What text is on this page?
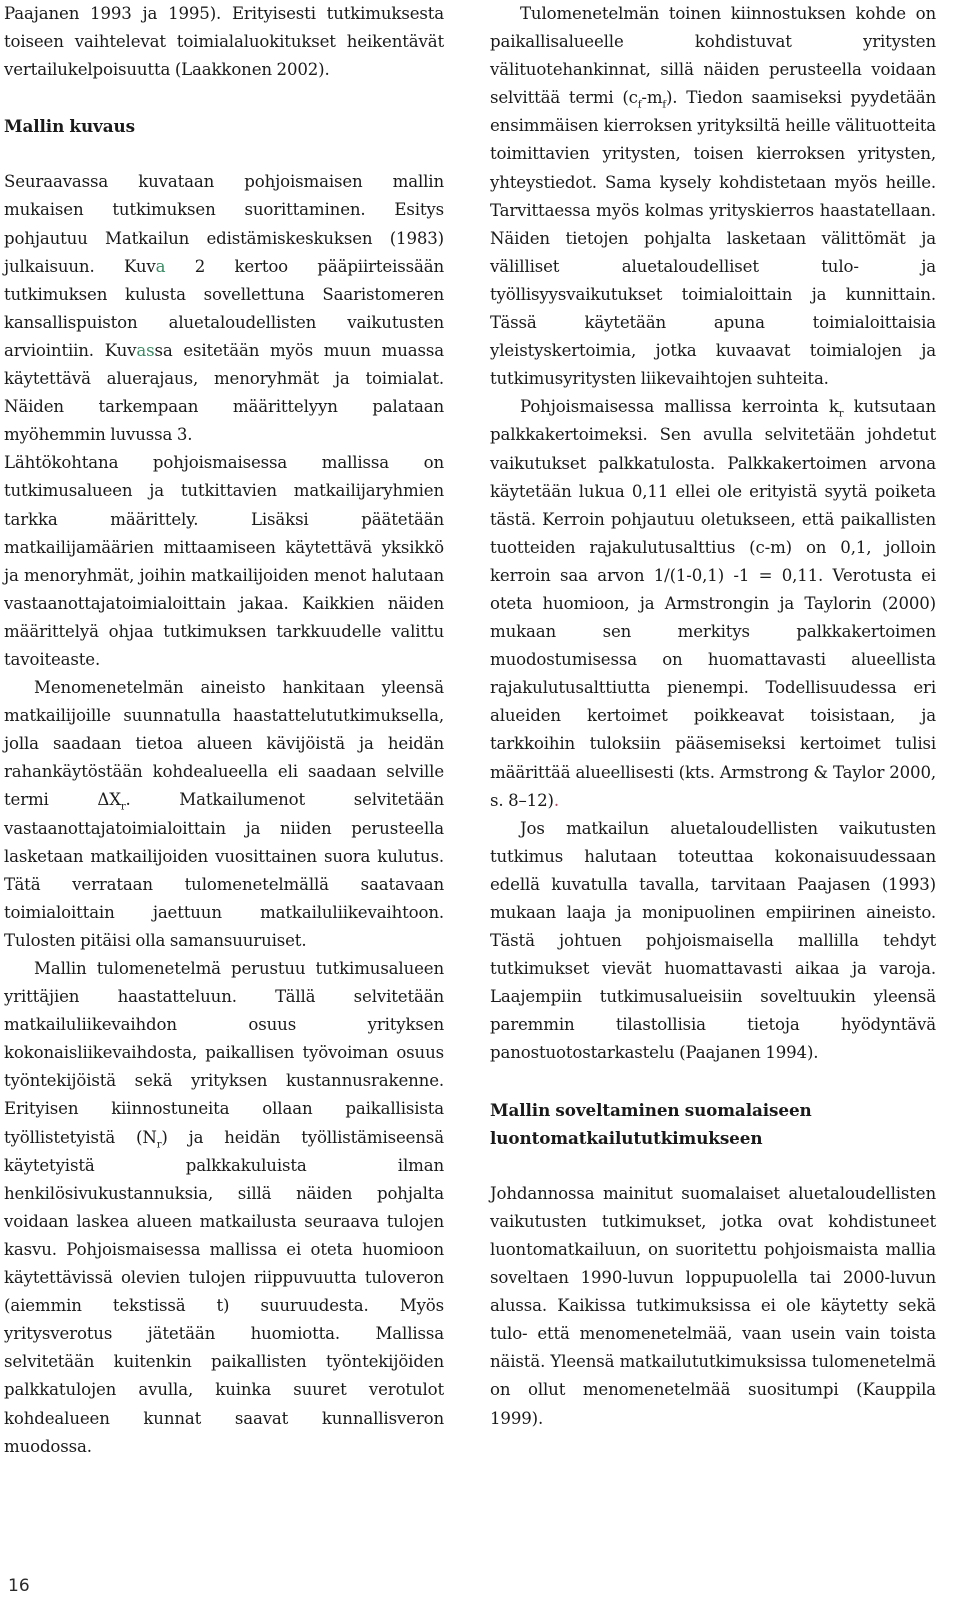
Paajanen 1993 ja 1995). Erityisesti tutkimuksesta toiseen vaihtelevat toimialaluokitukset heikentävät vertailukelpoisuutta (Laakkonen 2002).

Mallin kuvaus

Seuraavassa kuvataan pohjoismaisen mallin mukaisen tutkimuksen suorittaminen. Esitys pohjautuu Matkailun edistämiskeskuksen (1983) julkaisuun. Kuva 2 kertoo pääpiirteissään tutkimuksen kulusta sovellettuna Saaristomeren kansallispuiston aluetaloudellisten vaikutusten arviointiin. Kuvassa esitetään myös muun muassa käytettävä aluerajaus, menoryhmät ja toimialat. Näiden tarkempaan määrittelyyn palataan myöhemmin luvussa 3.

Lähtökohtana pohjoismaisessa mallissa on tutkimusalueen ja tutkittavien matkailijaryhmien tarkka määrittely. Lisäksi päätetään matkailijamäärien mittaamiseen käytettävä yksikkö ja menoryhmät, joihin matkailijoiden menot halutaan vastaanottajatoimialoittain jakaa. Kaikkien näiden määrittelyä ohjaa tutkimuksen tarkkuudelle valittu tavoiteaste.

Menomenetelmän aineisto hankitaan yleensä matkailijoille suunnatulla haastattelututkimuksella, jolla saadaan tietoa alueen kävijöistä ja heidän rahankäytöstään kohdealueella eli saadaan selville termi $\Delta X_r$. Matkailumenot selvitetään vastaanottajatoimialoittain ja niiden perusteella lasketaan matkailijoiden vuosittainen suora kulutus. Tätä verrataan tulomenetelmällä saatavaan toimialoittain jaettuun matkailuliikevaihtoon. Tulosten pitäisi olla samansuuruiset.

Mallin tulomenetelmä perustuu tutkimusalueen yrittäjien haastatteluun. Tällä selvitetään matkailuliikevaihdon osuus yrityksen kokonaisliikevaihdosta, paikallisen työvoiman osuus työntekijöistä sekä yrityksen kustannusrakenne. Erityisen kiinnostuneita ollaan paikallisista työllistetyistä $(N_r)$ ja heidän työllistämiseensä käytetyistä palkkakuluista ilman henkilösivukustannuksia, sillä näiden pohjalta voidaan laskea alueen matkailusta seuraava tulojen kasvu. Pohjoismaisessa mallissa ei oteta huomioon käytettävissä olevien tulojen riippuvuutta tuloveron (aiemmin tekstissä t) suuruudesta. Myös yritysverotus jätetään huomiotta. Mallissa selvitetään kuitenkin paikallisten työntekijöiden palkkatulojen avulla, kuinka suuret verotulot kohdealueen kunnat saavat kunnallisveron muodossa.

Tulomenetelmän toinen kiinnostuksen kohde on paikallisalueelle kohdistuvat yritysten välituotehankinnat, sillä näiden perusteella voidaan selvittää termi $(c_f-m_f)$. Tiedon saamiseksi pyydetään ensimmäisen kierroksen yrityksiltä heille välituotteita toimittavien yritysten, toisen kierroksen yritysten, yhteystiedot. Sama kysely kohdistetaan myös heille. Tarvittaessa myös kolmas yrityskierros haastatellaan. Näiden tietojen pohjalta lasketaan välittömät ja välilliset aluetaloudelliset tulo- ja työllisyysvaikutukset toimialoittain ja kunnittain. Tässä käytetään apuna toimialoittaisia yleistyskertoimia, jotka kuvaavat toimialojen ja tutkimusyritysten liikevaihtojen suhteita.

Pohjoismaisessa mallissa kerrointa $k_r$ kutsutaan palkkakertoimeksi. Sen avulla selvitetään johdetut vaikutukset palkkatulosta. Palkkakertoimen arvona käytetään lukua 0,11 ellei ole erityistä syytä poiketa tästä. Kerroin pohjautuu oletukseen, että paikallisten tuotteiden rajakulutusalttius (c-m) on 0,1, jolloin kerroin saa arvon 1/(1-0,1) -1 = 0,11. Verotusta ei oteta huomioon, ja Armstrongin ja Taylorin (2000) mukaan sen merkitys palkkakertoimen muodostumisessa on huomattavasti alueellista rajakulutusalttiutta pienempi. Todellisuudessa eri alueiden kertoimet poikkeavat toisistaan, ja tarkkoihin tuloksiin pääsemiseksi kertoimet tulisi määrittää alueellisesti (kts. Armstrong & Taylor 2000, s. 8–12).

Jos matkailun aluetaloudellisten vaikutusten tutkimus halutaan toteuttaa kokonaisuudessaan edellä kuvatulla tavalla, tarvitaan Paajasen (1993) mukaan laaja ja monipuolinen empiirinen aineisto. Tästä johtuen pohjoismaisella mallilla tehdyt tutkimukset vievät huomattavasti aikaa ja varoja. Laajempiin tutkimusalueisiin soveltuukin yleensä paremmin tilastollisia tietoja hyödyntävä panostuotostarkastelu (Paajanen 1994).

Mallin soveltaminen suomalaiseen luontomatkailututkimukseen

Johdannossa mainitut suomalaiset aluetaloudellisten vaikutusten tutkimukset, jotka ovat kohdistuneet luontomatkailuun, on suoritettu pohjoismaista mallia soveltaen 1990-luvun loppupuolella tai 2000-luvun alussa. Kaikissa tutkimuksissa ei ole käytetty sekä tulo- että menomenetelmää, vaan usein vain toista näistä. Yleensä matkailututkimuksissa tulomenetelmä on ollut menomenetelmää suositumpi (Kauppila 1999).

16
